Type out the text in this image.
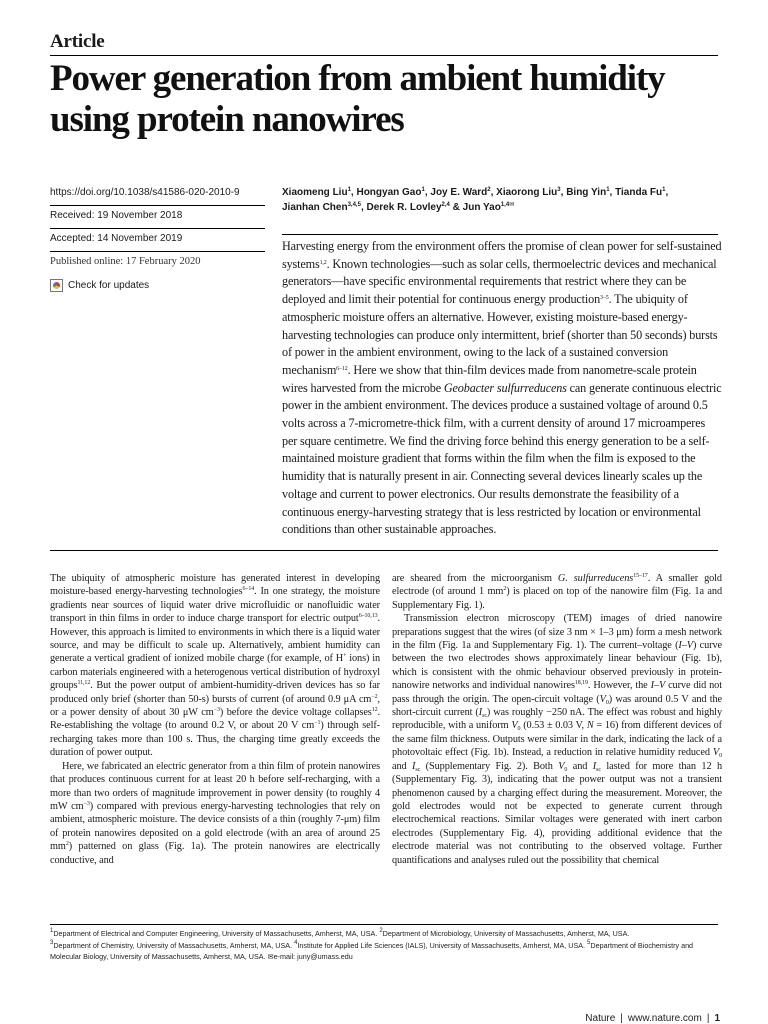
Article
Power generation from ambient humidity using protein nanowires
https://doi.org/10.1038/s41586-020-2010-9
Received: 19 November 2018
Accepted: 14 November 2019
Published online: 17 February 2020
Check for updates
Xiaomeng Liu$^1$, Hongyan Gao$^1$, Joy E. Ward$^2$, Xiaorong Liu$^3$, Bing Yin$^1$, Tianda Fu$^1$,
Jianhan Chen$^{3,4,5}$, Derek R. Lovley$^{2,4}$ & Jun Yao$^{1,4✉}$

Harvesting energy from the environment offers the promise of clean power for self-sustained systems$^{1,2}$. Known technologies—such as solar cells, thermoelectric devices and mechanical generators—have specific environmental requirements that restrict where they can be deployed and limit their potential for continuous energy production$^{3-5}$. The ubiquity of atmospheric moisture offers an alternative. However, existing moisture-based energy-harvesting technologies can produce only intermittent, brief (shorter than 50 seconds) bursts of power in the ambient environment, owing to the lack of a sustained conversion mechanism$^{6-12}$. Here we show that thin-film devices made from nanometre-scale protein wires harvested from the microbe Geobacter sulfurreducens can generate continuous electric power in the ambient environment. The devices produce a sustained voltage of around 0.5 volts across a 7-micrometre-thick film, with a current density of around 17 microamperes per square centimetre. We find the driving force behind this energy generation to be a self-maintained moisture gradient that forms within the film when the film is exposed to the humidity that is naturally present in air. Connecting several devices linearly scales up the voltage and current to power electronics. Our results demonstrate the feasibility of a continuous energy-harvesting strategy that is less restricted by location or environmental conditions than other sustainable approaches.

The ubiquity of atmospheric moisture has generated interest in developing moisture-based energy-harvesting technologies$^{6-14}$. In one strategy, the moisture gradients near sources of liquid water drive microfluidic or nanofluidic water transport in thin films in order to induce charge transport for electric output$^{6-10,13}$. However, this approach is limited to environments in which there is a liquid water source, and may be difficult to scale up. Alternatively, ambient humidity can generate a vertical gradient of ionized mobile charge (for example, of H+ ions) in carbon materials engineered with a heterogenous vertical distribution of hydroxyl groups$^{11,12}$. But the power output of ambient-humidity-driven devices has so far produced only brief (shorter than 50-s) bursts of current (of around 0.9 μA $cm^{-2}$, or a power density of about 30 μW $cm^{-3}$) before the device voltage collapses$^{12}$. Re-establishing the voltage (to around 0.2 V, or about 20 V $cm^{-1}$) through self-recharging takes more than 100 s. Thus, the charging time greatly exceeds the duration of power output.

Here, we fabricated an electric generator from a thin film of protein nanowires that produces continuous current for at least 20 h before self-recharging, with a more than two orders of magnitude improvement in power density (to roughly 4 mW $cm^{-3}$) compared with previous energy-harvesting technologies that rely on ambient, atmospheric moisture. The device consists of a thin (roughly 7-μm) film of protein nanowires deposited on a gold electrode (with an area of around 25 $mm^2$) patterned on glass (Fig. 1a). The protein nanowires are electrically conductive, and

are sheared from the microorganism G. sulfurreducens$^{15-17}$. A smaller gold electrode (of around 1 $mm^2$) is placed on top of the nanowire film (Fig. 1a and Supplementary Fig. 1).

Transmission electron microscopy (TEM) images of dried nanowire preparations suggest that the wires (of size 3 nm × 1–3 μm) form a mesh network in the film (Fig. 1a and Supplementary Fig. 1). The current–voltage (I–V) curve between the two electrodes shows approximately linear behaviour (Fig. 1b), which is consistent with the ohmic behaviour observed previously in protein-nanowire networks and individual nanowires$^{18,19}$. However, the I–V curve did not pass through the origin. The open-circuit voltage $(V_0)$ was around 0.5 V and the short-circuit current $(I_{sc})$ was roughly −250 nA. The effect was robust and highly reproducible, with a uniform $V_0$ (0.53 ± 0.03 V, N = 16) from different devices of the same film thickness. Outputs were similar in the dark, indicating the lack of a photovoltaic effect (Fig. 1b). Instead, a reduction in relative humidity reduced $V_0$ and $I_{sc}$ (Supplementary Fig. 2). Both $V_0$ and $I_{sc}$ lasted for more than 12 h (Supplementary Fig. 3), indicating that the power output was not a transient phenomenon caused by a charging effect during the measurement. Moreover, the gold electrodes would not be expected to generate current through electrochemical reactions. Similar voltages were generated with inert carbon electrodes (Supplementary Fig. 4), providing additional evidence that the electrode material was not contributing to the observed voltage. Further quantifications and analyses ruled out the possibility that chemical

$^1$Department of Electrical and Computer Engineering, University of Massachusetts, Amherst, MA, USA. $^2$Department of Microbiology, University of Massachusetts, Amherst, MA, USA.
$^3$Department of Chemistry, University of Massachusetts, Amherst, MA, USA. $^4$Institute for Applied Life Sciences (IALS), University of Massachusetts, Amherst, MA, USA. $^5$Department of Biochemistry and Molecular Biology, University of Massachusetts, Amherst, MA, USA. ✉e-mail: juny@umass.edu
Nature | www.nature.com | 1
